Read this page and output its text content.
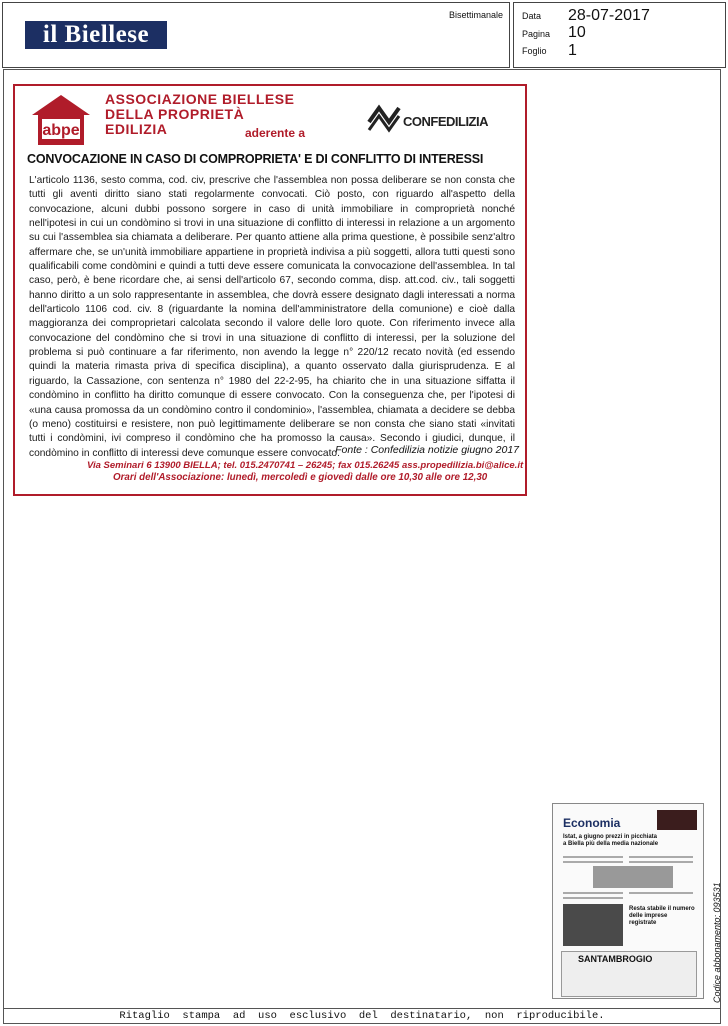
il Biellese
Bisettimanale Data 28-07-2017
Pagina 10
Foglio 1
abpe
ASSOCIAZIONE BIELLESE
DELLA PROPRIETÀ
EDILIZIA	aderente a
CONFEDILIZIA
CONVOCAZIONE IN CASO DI COMPROPRIETA' E DI CONFLITTO DI INTERESSI
L'articolo 1136, sesto comma, cod. civ, prescrive che l'assemblea non possa deliberare se non consta che tutti gli aventi diritto siano stati regolarmente convocati. Ciò posto, con riguardo all'aspetto della convocazione, alcuni dubbi possono sorgere in caso di unità immobiliare in comproprietà nonché nell'ipotesi in cui un condòmino si trovi in una situazione di conflitto di interessi in relazione a un argomento su cui l'assemblea sia chiamata a deliberare. Per quanto attiene alla prima questione, è possibile senz'altro affermare che, se un'unità immobiliare appartiene in proprietà indivisa a più soggetti, allora tutti questi sono qualificabili come condòmini e quindi a tutti deve essere comunicata la convocazione dell'assemblea. In tal caso, però, è bene ricordare che, ai sensi dell'articolo 67, secondo comma, disp. att.cod. civ., tali soggetti hanno diritto a un solo rappresentante in assemblea, che dovrà essere designato dagli interessati a norma dell'articolo 1106 cod. civ. 8 (riguardante la nomina dell'amministratore della comunione) e cioè dalla maggioranza dei comproprietari calcolata secondo il valore delle loro quote. Con riferimento invece alla convocazione del condòmino che si trovi in una situazione di conflitto di interessi, per la soluzione del problema si può continuare a far riferimento, non avendo la legge n° 220/12 recato novità (ed essendo quindi la materia rimasta priva di specifica disciplina), a quanto osservato dalla giurisprudenza. E al riguardo, la Cassazione, con sentenza n° 1980 del 22-2-95, ha chiarito che in una situazione siffatta il condòmino in conflitto ha diritto comunque di essere convocato. Con la conseguenza che, per l'ipotesi di «una causa promossa da un condòmino contro il condominio», l'assemblea, chiamata a decidere se debba (o meno) costituirsi e resistere, non può legittimamente deliberare se non consta che siano stati «invitati tutti i condòmini, ivi compreso il condòmino che ha promosso la causa». Secondo i giudici, dunque, il condòmino in conflitto di interessi deve comunque essere convocato.
Fonte : Confedilizia notizie giugno 2017
Via Seminari 6 13900 BIELLA; tel. 015.2470741 – 26245; fax 015.26245 ass.propedilizia.bi@alice.it
Orari dell'Associazione: lunedì, mercoledì e giovedì dalle ore 10,30 alle ore 12,30
Economia
Istat, a giugno prezzi in picchiata a Biella più della media nazionale
Resta stabile il numero delle imprese registrate
SANTAMBROGIO	Codice abbonamento: 093531
Ritaglio  stampa  ad  uso  esclusivo  del  destinatario,  non  riproducibile.
